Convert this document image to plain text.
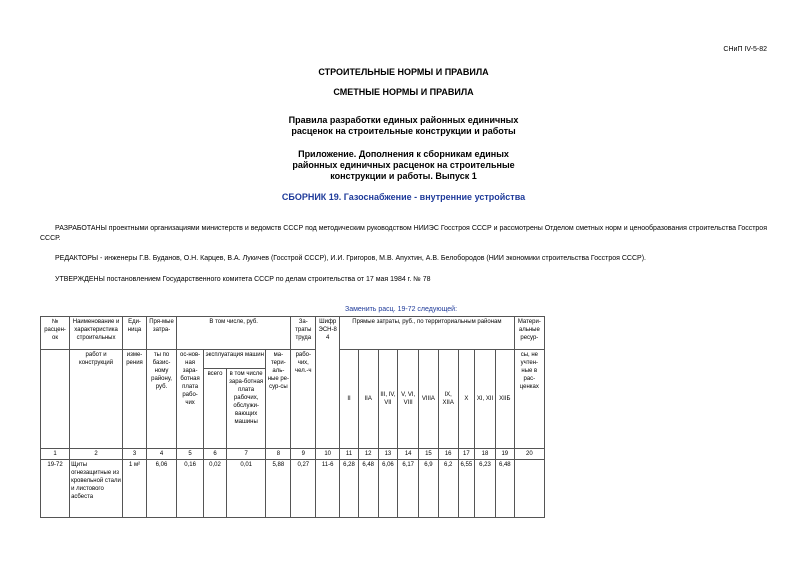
СНиП IV-5-82
СТРОИТЕЛЬНЫЕ НОРМЫ И ПРАВИЛА
СМЕТНЫЕ НОРМЫ И ПРАВИЛА
Правила разработки единых районных единичных
расценок на строительные конструкции и работы
Приложение. Дополнения к сборникам единых
районных единичных расценок на строительные
конструкции и работы. Выпуск 1
СБОРНИК 19. Газоснабжение - внутренние устройства

РАЗРАБОТАНЫ проектными организациями министерств и ведомств СССР под методическим руководством НИИЭС Госстроя СССР и рассмотрены Отделом сметных норм и ценообразования строительства Госстроя СССР.

РЕДАКТОРЫ - инженеры Г.В. Буданов, О.Н. Карцев, В.А. Лукичев (Госстрой СССР), И.И. Григоров, М.В. Апухтин, А.В. Белобородов (НИИ экономики строительства Госстроя СССР).

УТВЕРЖДЕНЫ постановлением Государственного комитета СССР по делам строительства от 17 мая 1984 г. № 78

Заменить расц. 19-72 следующей:
№ расцен-ок	Наименование и характеристика строительных	Еди-ница	Пря-мые затра-	В том числе, руб.				За-траты труда	Шифр ЭСН-84	Прямые затраты, руб., по территориальным районам									Матери-альные ресур-
	работ и конструкций	изме-рения	ты по базис-ному району, руб.	ос-нов-ная зара-ботная плата рабо-чих	эксплуатация машин		ма-тери-аль-ные ре-сур-сы	рабо-чих, чел.-ч		II	IIА	III, IV, VII	V, VI, VIII	VIIIА	IX, XIIА	X	XI, XII	XIIБ	сы, не учтен-ные в рас-ценках
					всего	в том числе зара-ботная плата рабочих, обслужи-вающих машины													
1	2	3	4	5	6	7	8	9	10	11	12	13	14	15	16	17	18	19	20
19-72	Щиты огнезащитные из кровельной стали и листового асбеста	1 м²	6,06	0,16	0,02	0,01	5,88	0,27	11-6	6,28	6,48	6,06	6,17	6,9	6,2	6,55	6,23	6,48	
